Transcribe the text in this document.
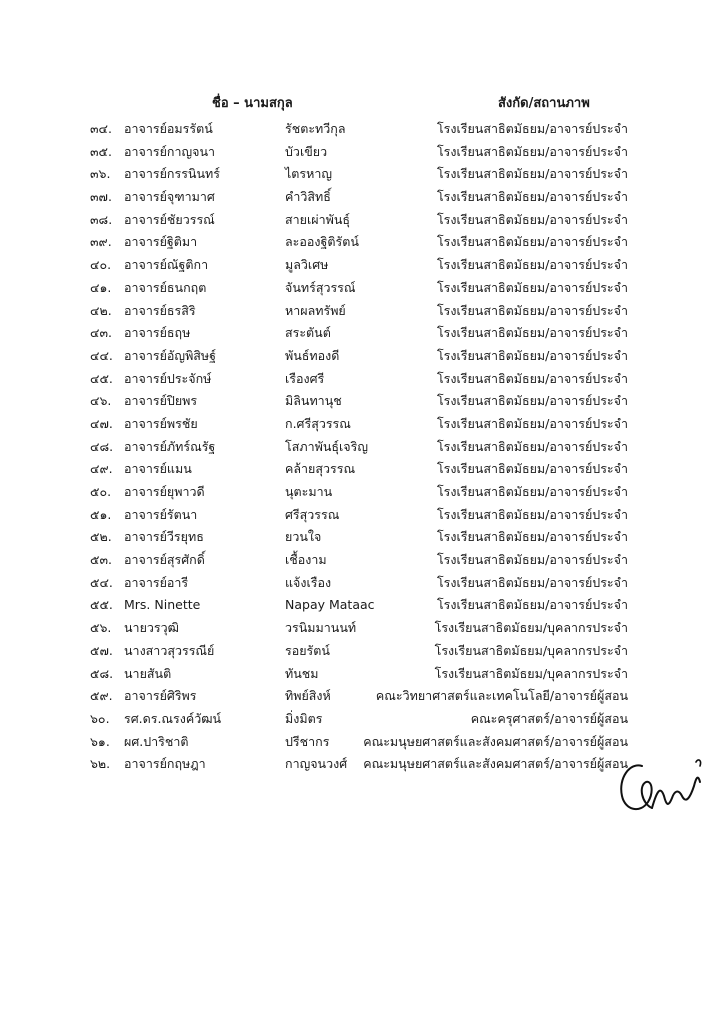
ชื่อ – นามสกุล	สังกัด/สถานภาพ
๓๔. อาจารย์อมรรัตน์	รัชตะทวีกุล	โรงเรียนสาธิตมัธยม/อาจารย์ประจำ
๓๕. อาจารย์กาญจนา	บัวเขียว	โรงเรียนสาธิตมัธยม/อาจารย์ประจำ
๓๖. อาจารย์กรรนินทร์	ไตรหาญ	โรงเรียนสาธิตมัธยม/อาจารย์ประจำ
๓๗. อาจารย์จุฑามาศ	คำวิสิทธิ์	โรงเรียนสาธิตมัธยม/อาจารย์ประจำ
๓๘. อาจารย์ชัยวรรณ์	สายเผ่าพันธุ์	โรงเรียนสาธิตมัธยม/อาจารย์ประจำ
๓๙. อาจารย์ฐิติมา	ละอองฐิติรัตน์	โรงเรียนสาธิตมัธยม/อาจารย์ประจำ
๔๐. อาจารย์ณัฐติกา	มูลวิเศษ	โรงเรียนสาธิตมัธยม/อาจารย์ประจำ
๔๑. อาจารย์ธนกฤต	จันทร์สุวรรณ์	โรงเรียนสาธิตมัธยม/อาจารย์ประจำ
๔๒. อาจารย์ธรสิริ	หาผลทรัพย์	โรงเรียนสาธิตมัธยม/อาจารย์ประจำ
๔๓. อาจารย์ธฤษ	สระตันต์	โรงเรียนสาธิตมัธยม/อาจารย์ประจำ
๔๔. อาจารย์อัญพิสิษฐ์	พันธ์ทองดี	โรงเรียนสาธิตมัธยม/อาจารย์ประจำ
๔๕. อาจารย์ประจักษ์	เรืองศรี	โรงเรียนสาธิตมัธยม/อาจารย์ประจำ
๔๖. อาจารย์ปิยพร	มิลินทานุช	โรงเรียนสาธิตมัธยม/อาจารย์ประจำ
๔๗. อาจารย์พรชัย	ก.ศรีสุวรรณ	โรงเรียนสาธิตมัธยม/อาจารย์ประจำ
๔๘. อาจารย์ภัทร์ณรัฐ	โสภาพันธุ์เจริญ	โรงเรียนสาธิตมัธยม/อาจารย์ประจำ
๔๙. อาจารย์แมน	คล้ายสุวรรณ	โรงเรียนสาธิตมัธยม/อาจารย์ประจำ
๕๐. อาจารย์ยุพาวดี	นุตะมาน	โรงเรียนสาธิตมัธยม/อาจารย์ประจำ
๕๑. อาจารย์รัตนา	ศรีสุวรรณ	โรงเรียนสาธิตมัธยม/อาจารย์ประจำ
๕๒. อาจารย์วีรยุทธ	ยวนใจ	โรงเรียนสาธิตมัธยม/อาจารย์ประจำ
๕๓. อาจารย์สุรศักดิ์	เชื้องาม	โรงเรียนสาธิตมัธยม/อาจารย์ประจำ
๕๔. อาจารย์อารี	แจ้งเรือง	โรงเรียนสาธิตมัธยม/อาจารย์ประจำ
๕๕. Mrs. Ninette	Napay Mataac	โรงเรียนสาธิตมัธยม/อาจารย์ประจำ
๕๖. นายวรวุฒิ	วรนิมมานนท์	โรงเรียนสาธิตมัธยม/บุคลากรประจำ
๕๗. นางสาวสุวรรณีย์	รอยรัตน์	โรงเรียนสาธิตมัธยม/บุคลากรประจำ
๕๘. นายสันติ	ทันชม	โรงเรียนสาธิตมัธยม/บุคลากรประจำ
๕๙. อาจารย์ศิริพร	ทิพย์สิงห์	คณะวิทยาศาสตร์และเทคโนโลยี/อาจารย์ผู้สอน
๖๐. รศ.ดร.ณรงค์วัฒน์	มิ่งมิตร	คณะครุศาสตร์/อาจารย์ผู้สอน
๖๑. ผศ.ปาริชาติ	ปรีชากร	คณะมนุษยศาสตร์และสังคมศาสตร์/อาจารย์ผู้สอน
๖๒. อาจารย์กฤษฎา	กาญจนวงศ์ คณะมนุษยศาสตร์และสังคมศาสตร์/อาจารย์ผู้สอน
